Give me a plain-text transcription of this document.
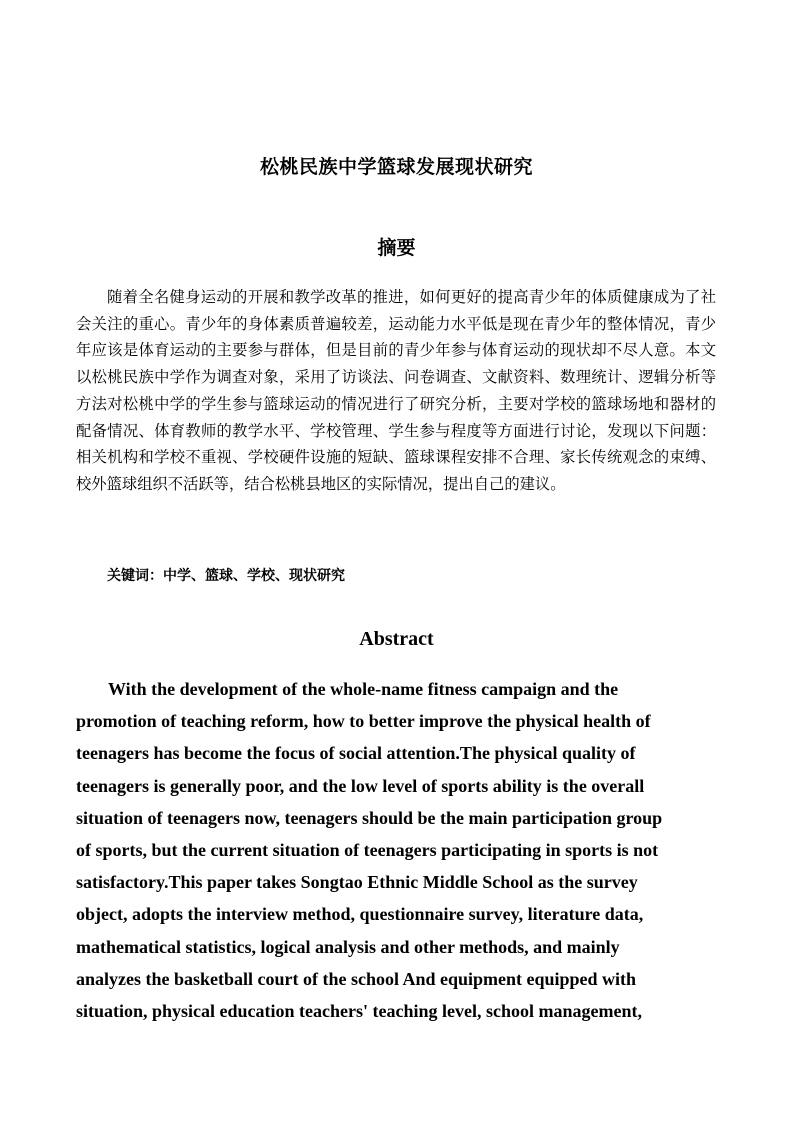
松桃民族中学篮球发展现状研究
摘要

随着全名健身运动的开展和教学改革的推进，如何更好的提高青少年的体质健康成为了社会关注的重心。青少年的身体素质普遍较差，运动能力水平低是现在青少年的整体情况，青少年应该是体育运动的主要参与群体，但是目前的青少年参与体育运动的现状却不尽人意。本文以松桃民族中学作为调查对象，采用了访谈法、问卷调查、文献资料、数理统计、逻辑分析等方法对松桃中学的学生参与篮球运动的情况进行了研究分析，主要对学校的篮球场地和器材的配备情况、体育教师的教学水平、学校管理、学生参与程度等方面进行讨论，发现以下问题：相关机构和学校不重视、学校硬件设施的短缺、篮球课程安排不合理、家长传统观念的束缚、校外篮球组织不活跃等，结合松桃县地区的实际情况，提出自己的建议。

关键词：中学、篮球、学校、现状研究
Abstract
With the development of the whole-name fitness campaign and the
promotion of teaching reform, how to better improve the physical health of
teenagers has become the focus of social attention.The physical quality of
teenagers is generally poor, and the low level of sports ability is the overall
situation of teenagers now, teenagers should be the main participation group
of sports, but the current situation of teenagers participating in sports is not
satisfactory.This paper takes Songtao Ethnic Middle School as the survey
object, adopts the interview method, questionnaire survey, literature data,
mathematical statistics, logical analysis and other methods, and mainly
analyzes the basketball court of the school And equipment equipped with
situation, physical education teachers' teaching level, school management,
